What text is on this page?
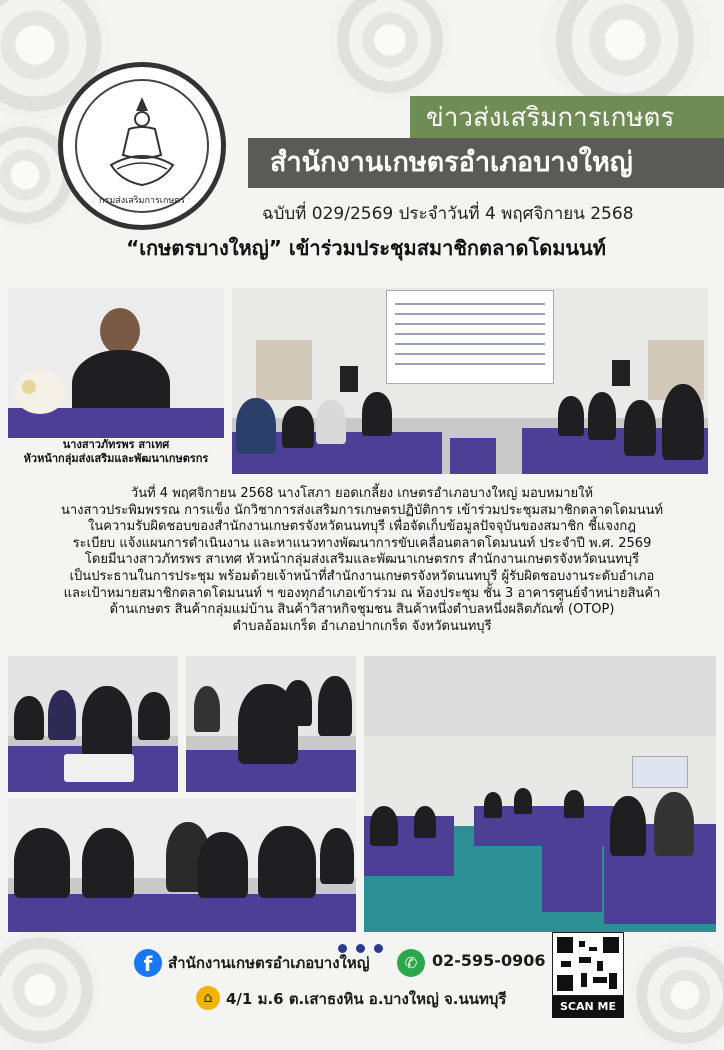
กรมส่งเสริมการเกษตร
ข่าวส่งเสริมการเกษตร
สำนักงานเกษตรอำเภอบางใหญ่
ฉบับที่ 029/2569 ประจำวันที่ 4 พฤศจิกายน 2568
“เกษตรบางใหญ่” เข้าร่วมประชุมสมาชิกตลาดโดมนนท์
นางสาวภัทรพร สาเทศ
หัวหน้ากลุ่มส่งเสริมและพัฒนาเกษตรกร
วันที่ 4 พฤศจิกายน 2568 นางโสภา ยอดเกลี้ยง เกษตรอำเภอบางใหญ่ มอบหมายให้
นางสาวประพิมพรรณ การแข็ง นักวิชาการส่งเสริมการเกษตรปฏิบัติการ เข้าร่วมประชุมสมาชิกตลาดโดมนนท์
ในความรับผิดชอบของสำนักงานเกษตรจังหวัดนนทบุรี เพื่อจัดเก็บข้อมูลปัจจุบันของสมาชิก ชี้แจงกฎ
ระเบียบ แจ้งแผนการดำเนินงาน และหาแนวทางพัฒนาการขับเคลื่อนตลาดโดมนนท์ ประจำปี พ.ศ. 2569
โดยมีนางสาวภัทรพร สาเทศ หัวหน้ากลุ่มส่งเสริมและพัฒนาเกษตรกร สำนักงานเกษตรจังหวัดนนทบุรี
เป็นประธานในการประชุม พร้อมด้วยเจ้าหน้าที่สำนักงานเกษตรจังหวัดนนทบุรี ผู้รับผิดชอบงานระดับอำเภอ
และเป้าหมายสมาชิกตลาดโดมนนท์ ฯ ของทุกอำเภอเข้าร่วม ณ ห้องประชุม ชั้น 3 อาคารศูนย์จำหน่ายสินค้า
ด้านเกษตร สินค้ากลุ่มแม่บ้าน สินค้าวิสาหกิจชุมชน สินค้าหนึ่งตำบลหนึ่งผลิตภัณฑ์ (OTOP)
ตำบลอ้อมเกร็ด อำเภอปากเกร็ด จังหวัดนนทบุรี
f	สำนักงานเกษตรอำเภอบางใหญ่	✆ 02-595-0906
⌂ 4/1 ม.6 ต.เสาธงหิน อ.บางใหญ่ จ.นนทบุรี	SCAN ME
